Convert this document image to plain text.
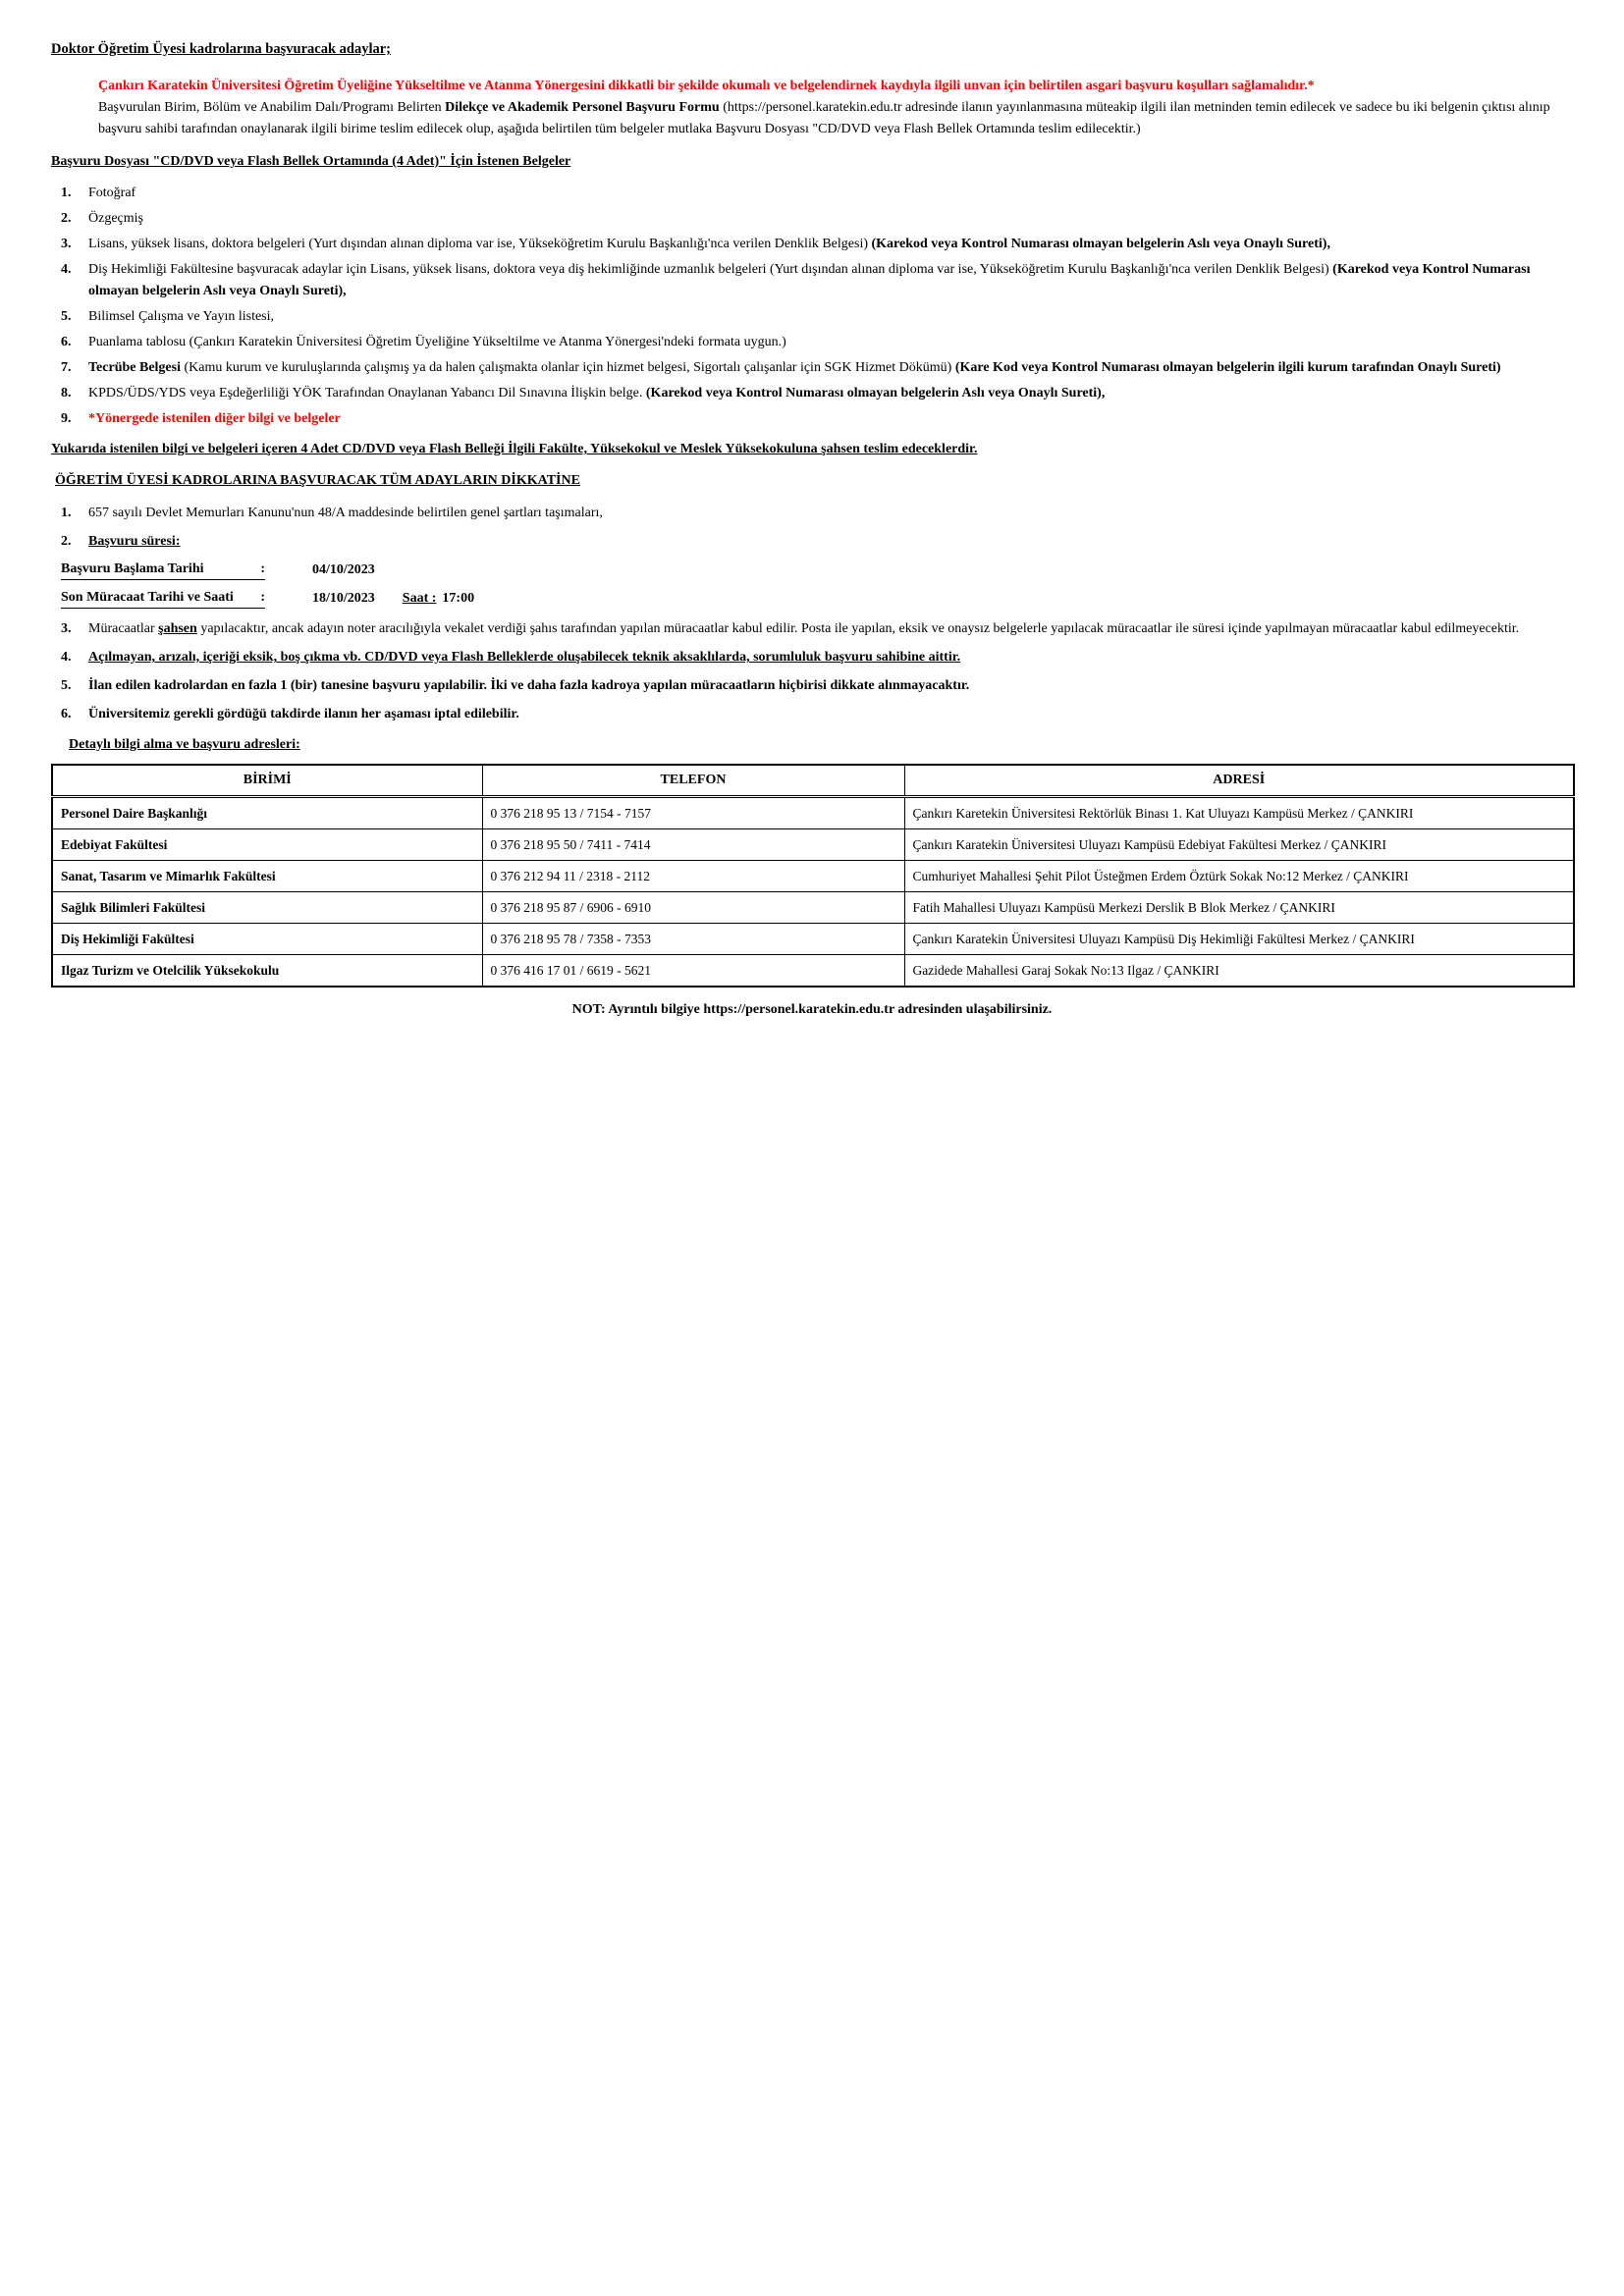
Doktor Öğretim Üyesi kadrolarına başvuracak adaylar;
Çankırı Karatekin Üniversitesi Öğretim Üyeliğine Yükseltilme ve Atanma Yönergesini dikkatli bir şekilde okumalı ve belgelendirnek kaydıyla ilgili unvan için belirtilen asgari başvuru koşulları sağlamalıdır.*
Başvurulan Birim, Bölüm ve Anabilim Dalı/Programı Belirten Dilekçe ve Akademik Personel Başvuru Formu (https://personel.karatekin.edu.tr adresinde ilanın yayınlanmasına müteakip ilgili ilan metninden temin edilecek ve sadece bu iki belgenin çıktısı alınıp başvuru sahibi tarafından onaylanarak ilgili birime teslim edilecek olup, aşağıda belirtilen tüm belgeler mutlaka Başvuru Dosyası "CD/DVD veya Flash Bellek Ortamında teslim edilecektir.)
Başvuru Dosyası "CD/DVD veya Flash Bellek Ortamında (4 Adet)" İçin İstenen Belgeler
1.	Fotoğraf
2.	Özgeçmiş
3.	Lisans, yüksek lisans, doktora belgeleri (Yurt dışından alınan diploma var ise, Yükseköğretim Kurulu Başkanlığı'nca verilen Denklik Belgesi) (Karekod veya Kontrol Numarası olmayan belgelerin Aslı veya Onaylı Sureti),
4.	Diş Hekimliği Fakültesine başvuracak adaylar için Lisans, yüksek lisans, doktora veya diş hekimliğinde uzmanlık belgeleri (Yurt dışından alınan diploma var ise, Yükseköğretim Kurulu Başkanlığı'nca verilen Denklik Belgesi) (Karekod veya Kontrol Numarası olmayan belgelerin Aslı veya Onaylı Sureti),
5.	Bilimsel Çalışma ve Yayın listesi,
6.	Puanlama tablosu (Çankırı Karatekin Üniversitesi Öğretim Üyeliğine Yükseltilme ve Atanma Yönergesi'ndeki formata uygun.)
7.	Tecrübe Belgesi (Kamu kurum ve kuruluşlarında çalışmış ya da halen çalışmakta olanlar için hizmet belgesi, Sigortalı çalışanlar için SGK Hizmet Dökümü) (Kare Kod veya Kontrol Numarası olmayan belgelerin ilgili kurum tarafından Onaylı Sureti)
8.	KPDS/ÜDS/YDS veya Eşdeğerliliği YÖK Tarafından Onaylanan Yabancı Dil Sınavına İlişkin belge. (Karekod veya Kontrol Numarası olmayan belgelerin Aslı veya Onaylı Sureti),
9.	*Yönergede istenilen diğer bilgi ve belgeler
Yukarıda istenilen bilgi ve belgeleri içeren 4 Adet CD/DVD veya Flash Belleği İlgili Fakülte, Yüksekokul ve Meslek Yüksekokuluna şahsen teslim edeceklerdir.
ÖĞRETİM ÜYESİ KADROLARINA BAŞVURACAK TÜM ADAYLARIN DİKKATİNE
1.	657 sayılı Devlet Memurları Kanunu'nun 48/A maddesinde belirtilen genel şartları taşımaları,
2.	Başvuru süresi:
Başvuru Başlama Tarihi	:	04/10/2023
Son Müracaat Tarihi ve Saati :	18/10/2023 Saat : 17:00
3.	Müracaatlar şahsen yapılacaktır, ancak adayın noter aracılığıyla vekalet verdiği şahıs tarafından yapılan müracaatlar kabul edilir. Posta ile yapılan, eksik ve onaysız belgelerle yapılacak müracaatlar ile süresi içinde yapılmayan müracaatlar kabul edilmeyecektir.
4.	Açılmayan, arızalı, içeriği eksik, boş çıkma vb. CD/DVD veya Flash Belleklerde oluşabilecek teknik aksaklılarda, sorumluluk başvuru sahibine aittir.
5.	İlan edilen kadrolardan en fazla 1 (bir) tanesine başvuru yapılabilir. İki ve daha fazla kadroya yapılan müracaatların hiçbirisi dikkate alınmayacaktır.
6.	Üniversitemiz gerekli gördüğü takdirde ilanın her aşaması iptal edilebilir.
Detaylı bilgi alma ve başvuru adresleri:
BİRİMİ	TELEFON	ADRESİ
Personel Daire Başkanlığı	0 376 218 95 13 / 7154 - 7157	Çankırı Karetekin Üniversitesi Rektörlük Binası 1. Kat Uluyazı Kampüsü Merkez / ÇANKIRI
Edebiyat Fakültesi	0 376 218 95 50 / 7411 - 7414	Çankırı Karatekin Üniversitesi Uluyazı Kampüsü Edebiyat Fakültesi Merkez / ÇANKIRI
Sanat, Tasarım ve Mimarlık Fakültesi	0 376 212 94 11 / 2318 - 2112	Cumhuriyet Mahallesi Şehit Pilot Üsteğmen Erdem Öztürk Sokak No:12 Merkez / ÇANKIRI
Sağlık Bilimleri Fakültesi	0 376 218 95 87 / 6906 - 6910	Fatih Mahallesi Uluyazı Kampüsü Merkezi Derslik B Blok Merkez / ÇANKIRI
Diş Hekimliği Fakültesi	0 376 218 95 78 / 7358 - 7353	Çankırı Karatekin Üniversitesi Uluyazı Kampüsü Diş Hekimliği Fakültesi Merkez / ÇANKIRI
Ilgaz Turizm ve Otelcilik Yüksekokulu	0 376 416 17 01 / 6619 - 5621	Gazidede Mahallesi Garaj Sokak No:13 Ilgaz / ÇANKIRI
NOT: Ayrıntılı bilgiye https://personel.karatekin.edu.tr adresinden ulaşabilirsiniz.
